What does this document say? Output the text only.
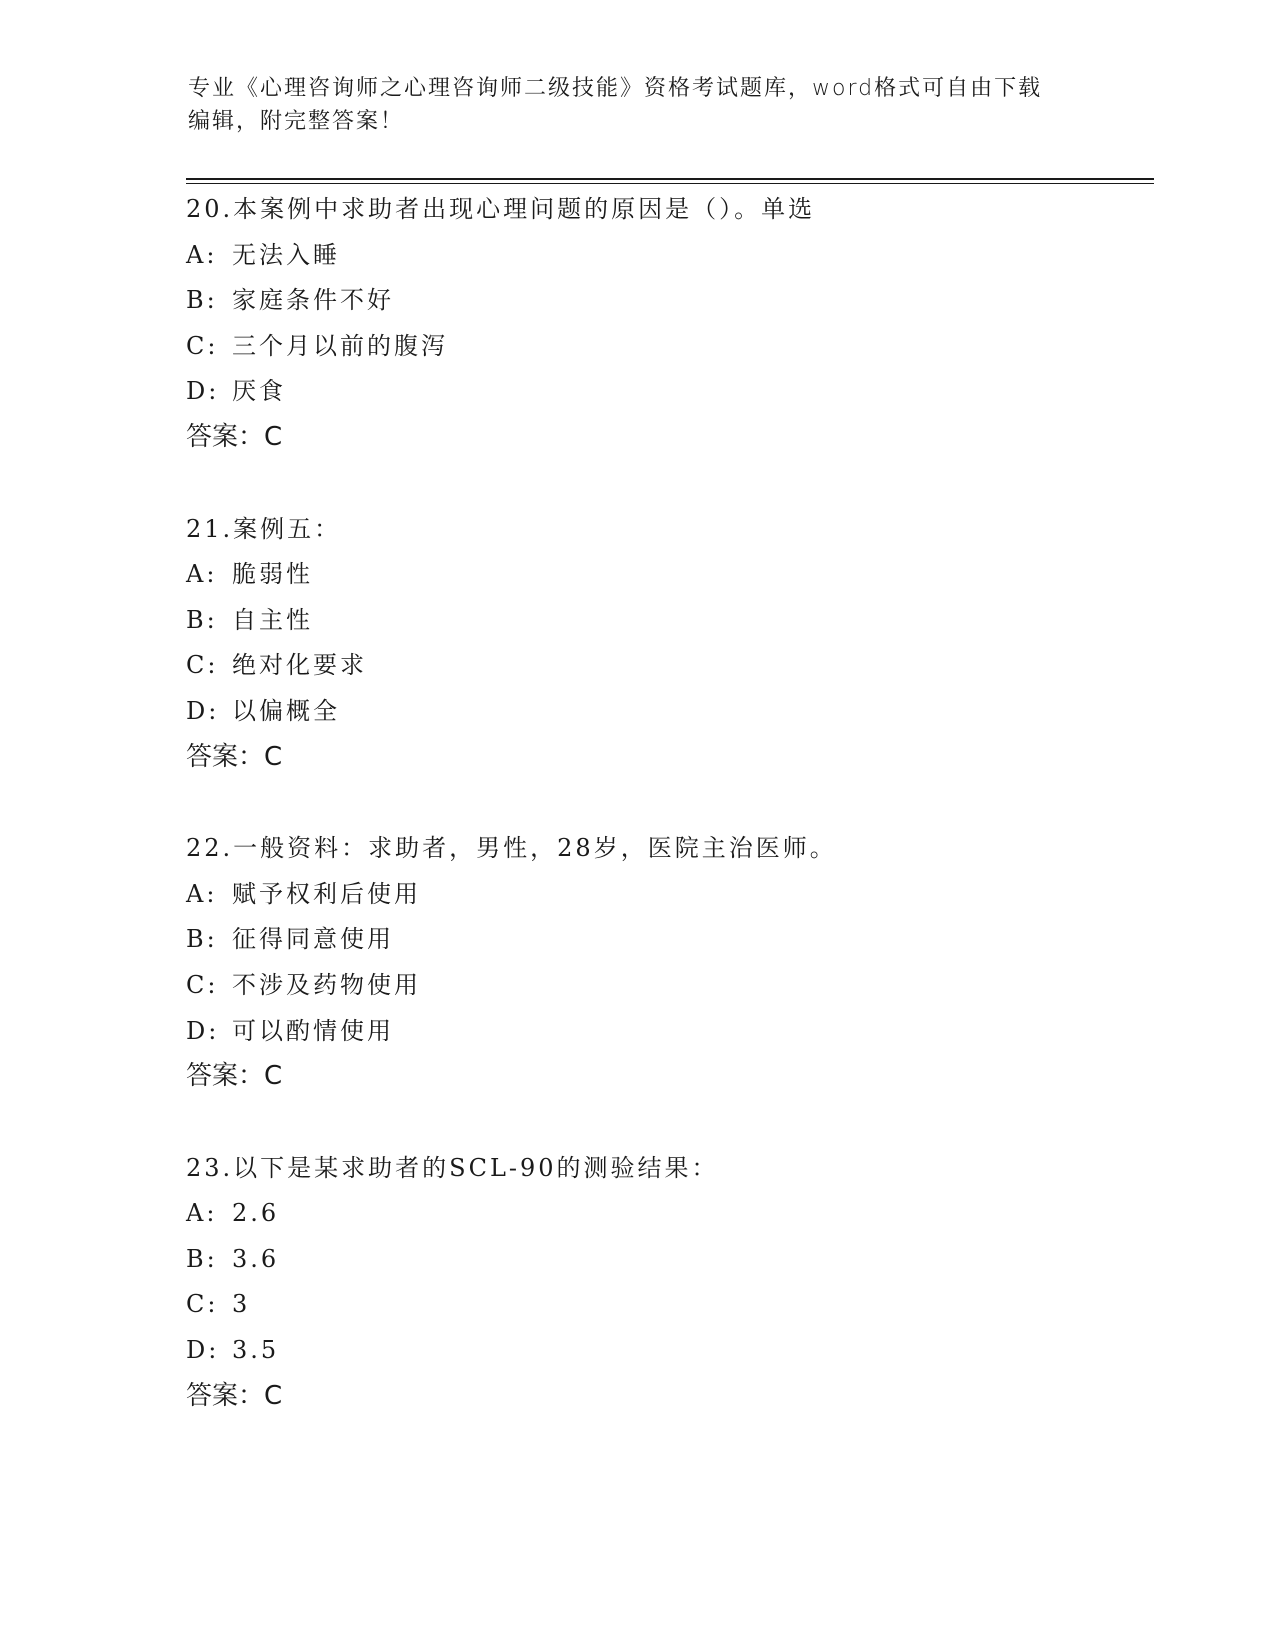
专业《心理咨询师之心理咨询师二级技能》资格考试题库，word格式可自由下载
编辑，附完整答案！
20.本案例中求助者出现心理问题的原因是（）。单选
A: 无法入睡
B: 家庭条件不好
C: 三个月以前的腹泻
D: 厌食
答案：C
21.案例五：
A: 脆弱性
B: 自主性
C: 绝对化要求
D: 以偏概全
答案：C
22.一般资料：求助者，男性，28岁，医院主治医师。
A: 赋予权利后使用
B: 征得同意使用
C: 不涉及药物使用
D: 可以酌情使用
答案：C
23.以下是某求助者的SCL-90的测验结果：
A: 2.6
B: 3.6
C: 3
D: 3.5
答案：C
